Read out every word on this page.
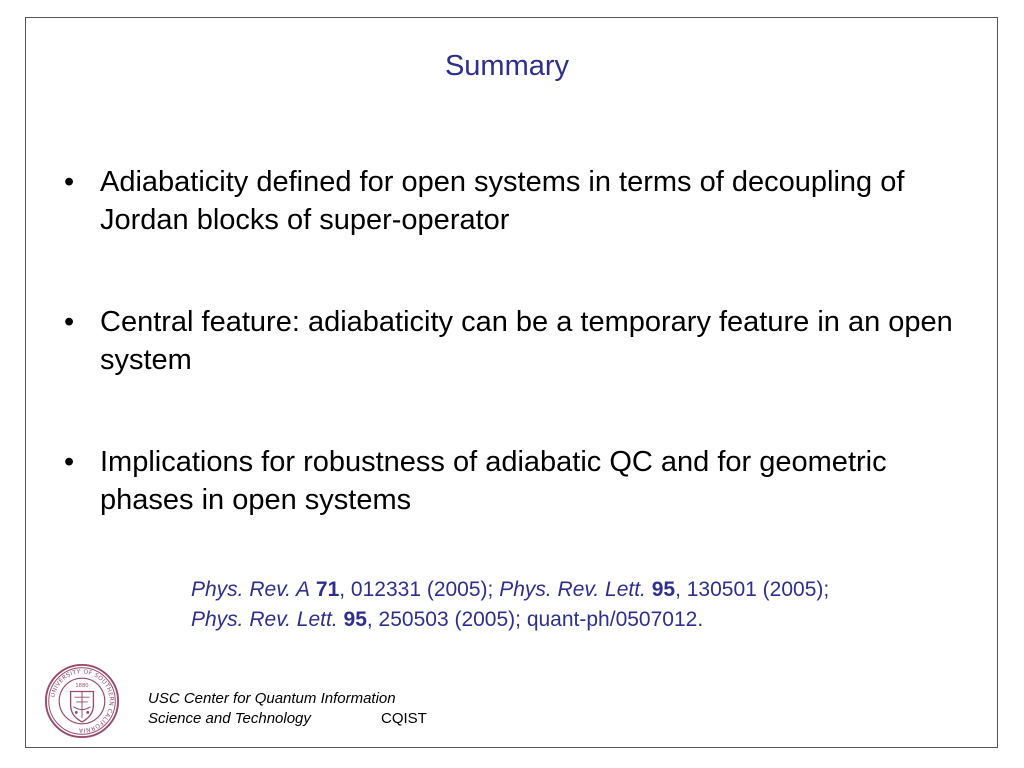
Summary
• Adiabaticity defined for open systems in terms of decoupling of Jordan blocks of super-operator
• Central feature: adiabaticity can be a temporary feature in an open system
• Implications for robustness of adiabatic QC and for geometric phases in open systems
Phys. Rev. A 71, 012331 (2005); Phys. Rev. Lett. 95, 130501 (2005);
Phys. Rev. Lett. 95, 250503 (2005); quant-ph/0507012.
UNIVERSITY OF SOUTHERN CALIFORNIA
1880
USC Center for Quantum Information
Science and Technology	CQIST
